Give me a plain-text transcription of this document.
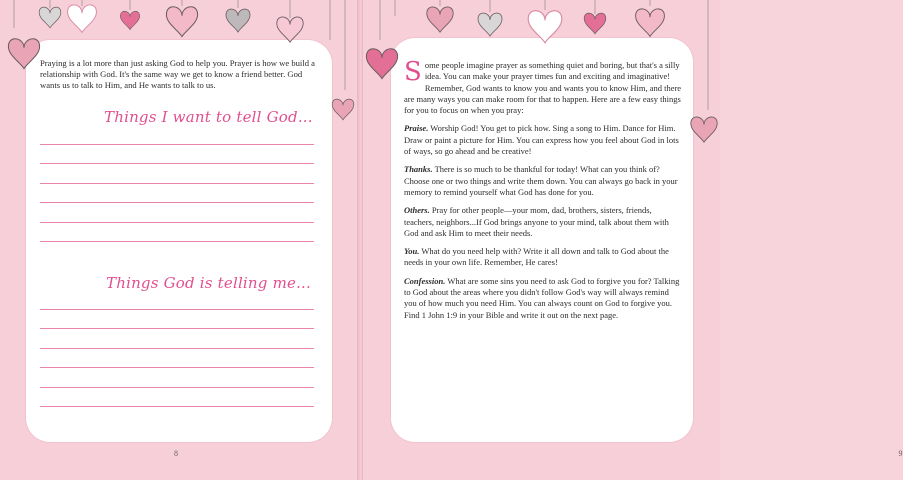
Praying is a lot more than just asking God to help you. Prayer is how we build a relationship with God. It's the same way we get to know a friend better. God wants us to talk to Him, and He wants to talk to us.
Things I want to tell God...
Things God is telling me...
8	9

Some people imagine prayer as something quiet and boring, but that's a silly idea. You can make your prayer times fun and exciting and imaginative! Remember, God wants to know you and wants you to know Him, and there are many ways you can make room for that to happen. Here are a few easy things for you to focus on when you pray:

Praise. Worship God! You get to pick how. Sing a song to Him. Dance for Him. Draw or paint a picture for Him. You can express how you feel about God in lots of ways, so go ahead and be creative!

Thanks. There is so much to be thankful for today! What can you think of? Choose one or two things and write them down. You can always go back in your memory to remind yourself what God has done for you.

Others. Pray for other people—your mom, dad, brothers, sisters, friends, teachers, neighbors...If God brings anyone to your mind, talk about them with God and ask Him to meet their needs.

You. What do you need help with? Write it all down and talk to God about the needs in your own life. Remember, He cares!

Confession. What are some sins you need to ask God to forgive you for? Talking to God about the areas where you didn't follow God's way will always remind you of how much you need Him. You can always count on God to forgive you. Find 1 John 1:9 in your Bible and write it out on the next page.
